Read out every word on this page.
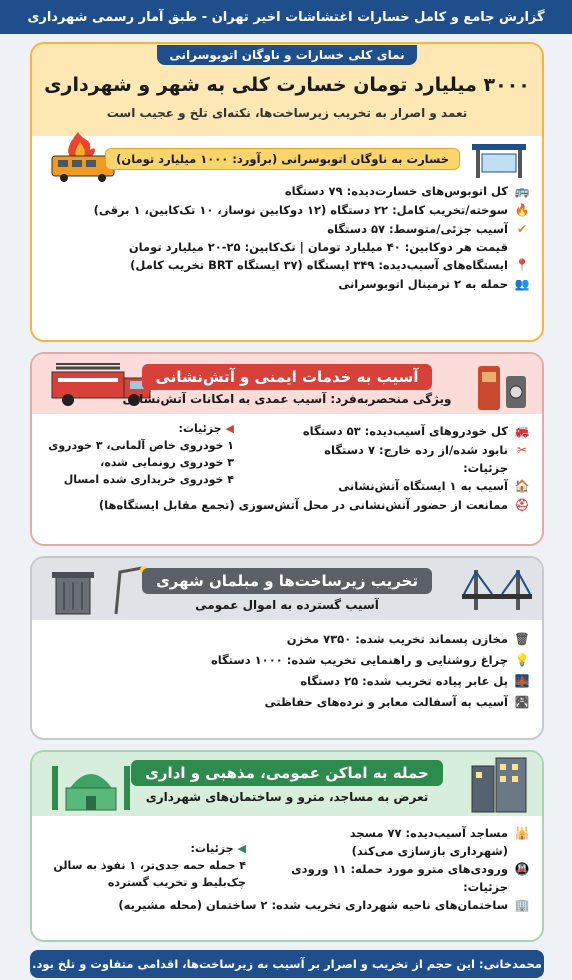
گزارش جامع و کامل خسارات اغتشاشات اخیر تهران - طبق آمار رسمی شهرداری
نمای کلی خسارات و ناوگان اتوبوسرانی
۳۰۰۰ میلیارد تومان خسارت کلی به شهر و شهرداری
تعمد و اصرار به تخریب زیرساخت‌ها، نکته‌ای تلخ و عجیب است
خسارت به ناوگان اتوبوسرانی (برآورد: ۱۰۰۰ میلیارد تومان)
🚌
کل اتوبوس‌های خسارت‌دیده: ۷۹ دستگاه
🔥
سوخته/تخریب کامل: ۲۲ دستگاه (۱۲ دوکابین نوساز، ۱۰ تک‌کابین، ۱ برقی)
✔
آسیب جزئی/متوسط: ۵۷ دستگاه
قیمت هر دوکابین: ۴۰ میلیارد تومان | تک‌کابین: ۲۵-۲۰ میلیارد تومان
📍
ایستگاه‌های آسیب‌دیده: ۳۴۹ ایستگاه (۳۷ ایستگاه BRT تخریب کامل)
👥
حمله به ۲ ترمینال اتوبوسرانی
آسیب به خدمات ایمنی و آتش‌نشانی
ویژگی منحصربه‌فرد: آسیب عمدی به امکانات آتش‌نشانی
🚒
کل خودروهای آسیب‌دیده: ۵۳ دستگاه
✂
نابود شده/از رده خارج: ۷ دستگاه
جزئیات:
🏠
آسیب به ۱ ایستگاه آتش‌نشانی
⛑
ممانعت از حضور آتش‌نشانی در محل آتش‌سوزی (تجمع مقابل ایستگاه‌ها)
◀
جزئیات:
۱ خودروی خاص آلمانی، ۳ خودروی
۳ خودروی رونمایی شده،
۴ خودروی خریداری شده امسال
تخریب زیرساخت‌ها و مبلمان شهری
آسیب گسترده به اموال عمومی
🗑
مخازن پسماند تخریب شده: ۷۳۵۰ مخزن
💡
چراغ روشنایی و راهنمایی تخریب شده: ۱۰۰۰ دستگاه
🌉
پل عابر پیاده تخریب شده: ۲۵ دستگاه
🛣
آسیب به آسفالت معابر و نرده‌های حفاظتی
حمله به اماکن عمومی، مذهبی و اداری
تعرض به مساجد، مترو و ساختمان‌های شهرداری
🕌
مساجد آسیب‌دیده: ۷۷ مسجد
(شهرداری بازسازی می‌کند)
🚇
ورودی‌های مترو مورد حمله: ۱۱ ورودی
جزئیات:
🏢
ساختمان‌های ناحیه شهرداری تخریب شده: ۲ ساختمان (محله مشیریه)
◀
جزئیات:
۴ حمله حمه جدی‌تر، ۱ نفوذ به سالن
چک‌بلیط و تخریب گسترده
محمدخانی: این حجم از تخریب و اصرار بر آسیب به زیرساخت‌ها، اقدامی متفاوت و تلخ بود.
